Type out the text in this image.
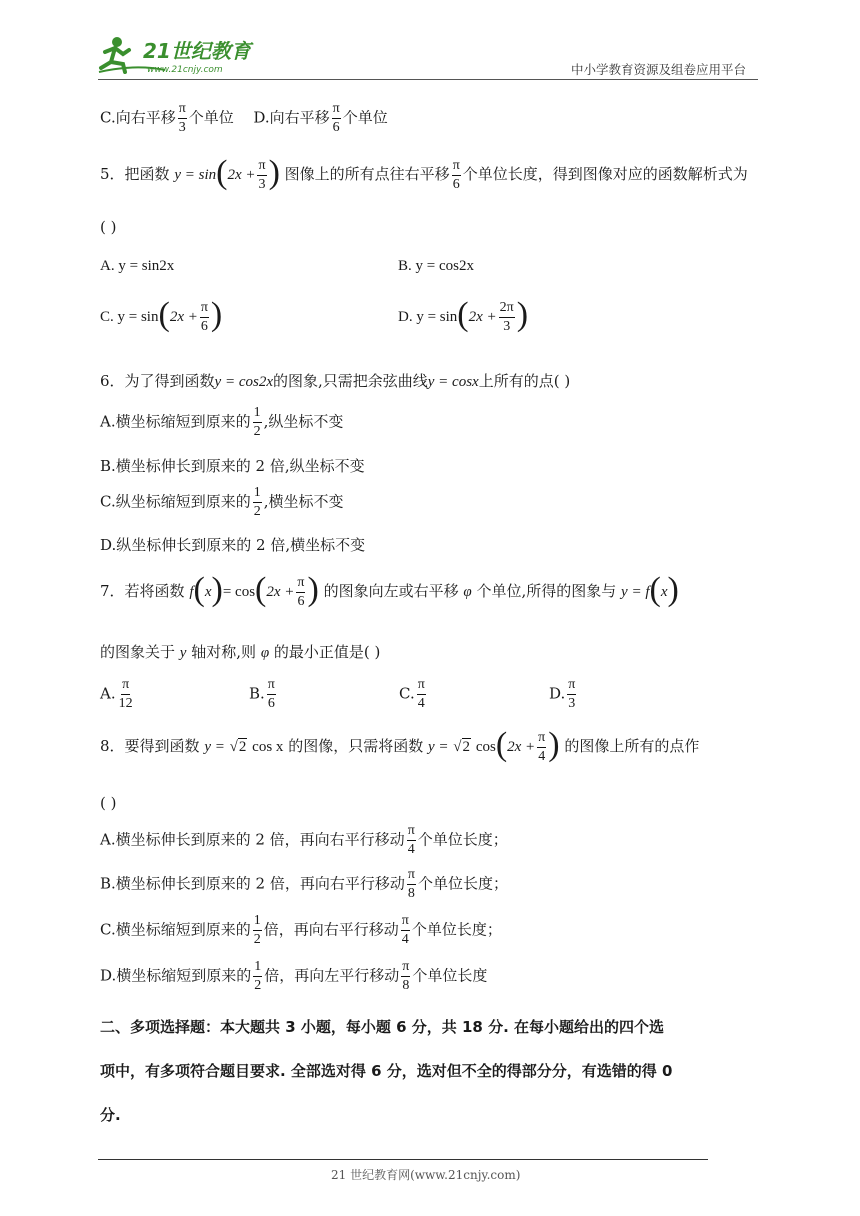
21世纪教育
www.21cnjy.com	中小学教育资源及组卷应用平台
C.向右平移 $\frac{\pi}{3}$ 个单位 D.向右平移 $\frac{\pi}{6}$ 个单位
5．把函数 $y = \sin(2x + \frac{\pi}{3}$ ) 图像上的所有点往右平移 $\frac{\pi}{6}$ 个单位长度，得到图像对应的函数解析式为
( )
A. y = sin2x	B. y = cos2x
C. $y = \sin(2x + \frac{\pi}{6}$ )	D. $y = \sin(2x + \frac{2\pi}{3}$ )
6．为了得到函数y = cos2x的图象,只需把余弦曲线y = cosx上所有的点( )
A.横坐标缩短到原来的 $\frac{1}{2}$ ,纵坐标不变
B.横坐标伸长到原来的 2 倍,纵坐标不变
C.纵坐标缩短到原来的 $\frac{1}{2}$ ,横坐标不变
D.纵坐标伸长到原来的 2 倍,横坐标不变
7．若将函数 $f(x)= \cos(2x + \frac{\pi}{6}$ ) 的图象向左或右平移 φ 个单位,所得的图象与 y = f(x)
的图象关于 y 轴对称,则 φ 的最小正值是( )
A. $\frac{\pi}{12}$	B. $\frac{\pi}{6}$	C. $\frac{\pi}{4}$	D. $\frac{\pi}{3}$
8．要得到函数 y = √2 cos x 的图像，只需将函数 y = √2 $\cos(2x + \frac{\pi}{4}$ ) 的图像上所有的点作
( )
A.横坐标伸长到原来的 2 倍，再向右平行移动 $\frac{\pi}{4}$ 个单位长度；
B.横坐标伸长到原来的 2 倍，再向右平行移动 $\frac{\pi}{8}$ 个单位长度；
C.横坐标缩短到原来的 $\frac{1}{2}$ 倍，再向右平行移动 $\frac{\pi}{4}$ 个单位长度；
D.横坐标缩短到原来的 $\frac{1}{2}$ 倍，再向左平行移动 $\frac{\pi}{8}$ 个单位长度
二、多项选择题：本大题共 3 小题，每小题 6 分，共 18 分. 在每小题给出的四个选
项中，有多项符合题目要求. 全部选对得 6 分，选对但不全的得部分分，有选错的得 0
分.
21 世纪教育网(www.21cnjy.com)
